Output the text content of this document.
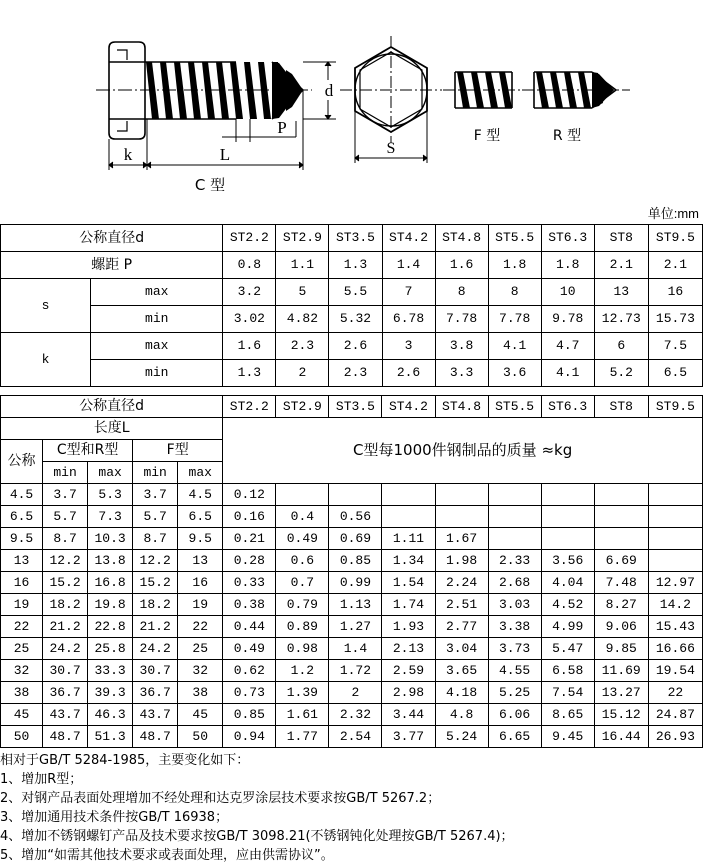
d
P
k	L
C 型
S
F 型	R 型
单位:mm
公称直径d		ST2.2	ST2.9	ST3.5	ST4.2	ST4.8	ST5.5	ST6.3	ST8	ST9.5
螺距 P		0.8	1.1	1.3	1.4	1.6	1.8	1.8	2.1	2.1
s	max	3.2	5	5.5	7	8	8	10	13	16
	min	3.02	4.82	5.32	6.78	7.78	7.78	9.78	12.73	15.73
k	max	1.6	2.3	2.6	3	3.8	4.1	4.7	6	7.5
	min	1.3	2	2.3	2.6	3.3	3.6	4.1	5.2	6.5
公称直径d					ST2.2	ST2.9	ST3.5	ST4.2	ST4.8	ST5.5	ST6.3	ST8	ST9.5
长度L					C型每1000件钢制品的质量 ≈kg								
公称	C型和R型		F型										
	min	max	min	max									
4.5	3.7	5.3	3.7	4.5	0.12								
6.5	5.7	7.3	5.7	6.5	0.16	0.4	0.56						
9.5	8.7	10.3	8.7	9.5	0.21	0.49	0.69	1.11	1.67				
13	12.2	13.8	12.2	13	0.28	0.6	0.85	1.34	1.98	2.33	3.56	6.69	
16	15.2	16.8	15.2	16	0.33	0.7	0.99	1.54	2.24	2.68	4.04	7.48	12.97
19	18.2	19.8	18.2	19	0.38	0.79	1.13	1.74	2.51	3.03	4.52	8.27	14.2
22	21.2	22.8	21.2	22	0.44	0.89	1.27	1.93	2.77	3.38	4.99	9.06	15.43
25	24.2	25.8	24.2	25	0.49	0.98	1.4	2.13	3.04	3.73	5.47	9.85	16.66
32	30.7	33.3	30.7	32	0.62	1.2	1.72	2.59	3.65	4.55	6.58	11.69	19.54
38	36.7	39.3	36.7	38	0.73	1.39	2	2.98	4.18	5.25	7.54	13.27	22
45	43.7	46.3	43.7	45	0.85	1.61	2.32	3.44	4.8	6.06	8.65	15.12	24.87
50	48.7	51.3	48.7	50	0.94	1.77	2.54	3.77	5.24	6.65	9.45	16.44	26.93
相对于GB/T 5284-1985，主要变化如下：
1、增加R型；
2、对钢产品表面处理增加不经处理和达克罗涂层技术要求按GB/T 5267.2；
3、增加通用技术条件按GB/T 16938；
4、增加不锈钢螺钉产品及技术要求按GB/T 3098.21(不锈钢钝化处理按GB/T 5267.4)；
5、增加“如需其他技术要求或表面处理，应由供需协议”。
